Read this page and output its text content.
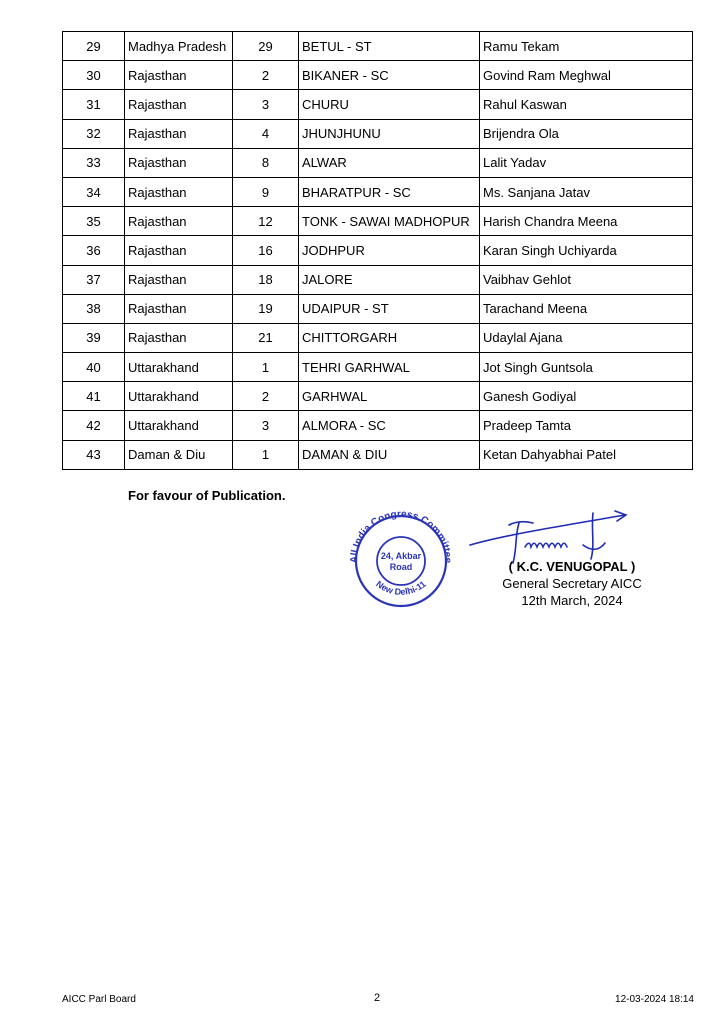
29	Madhya Pradesh	29	BETUL - ST	Ramu Tekam
30	Rajasthan	2	BIKANER - SC	Govind Ram Meghwal
31	Rajasthan	3	CHURU	Rahul Kaswan
32	Rajasthan	4	JHUNJHUNU	Brijendra Ola
33	Rajasthan	8	ALWAR	Lalit Yadav
34	Rajasthan	9	BHARATPUR - SC	Ms. Sanjana Jatav
35	Rajasthan	12	TONK - SAWAI MADHOPUR	Harish Chandra Meena
36	Rajasthan	16	JODHPUR	Karan Singh Uchiyarda
37	Rajasthan	18	JALORE	Vaibhav Gehlot
38	Rajasthan	19	UDAIPUR - ST	Tarachand Meena
39	Rajasthan	21	CHITTORGARH	Udaylal Ajana
40	Uttarakhand	1	TEHRI GARHWAL	Jot Singh Guntsola
41	Uttarakhand	2	GARHWAL	Ganesh Godiyal
42	Uttarakhand	3	ALMORA - SC	Pradeep Tamta
43	Daman & Diu	1	DAMAN & DIU	Ketan Dahyabhai Patel
For favour of Publication.
All India Congress Committee
New Delhi-11
24, Akbar
Road	( K.C. VENUGOPAL )
General Secretary AICC
12th March, 2024
AICC Parl Board	2	12-03-2024 18:14
